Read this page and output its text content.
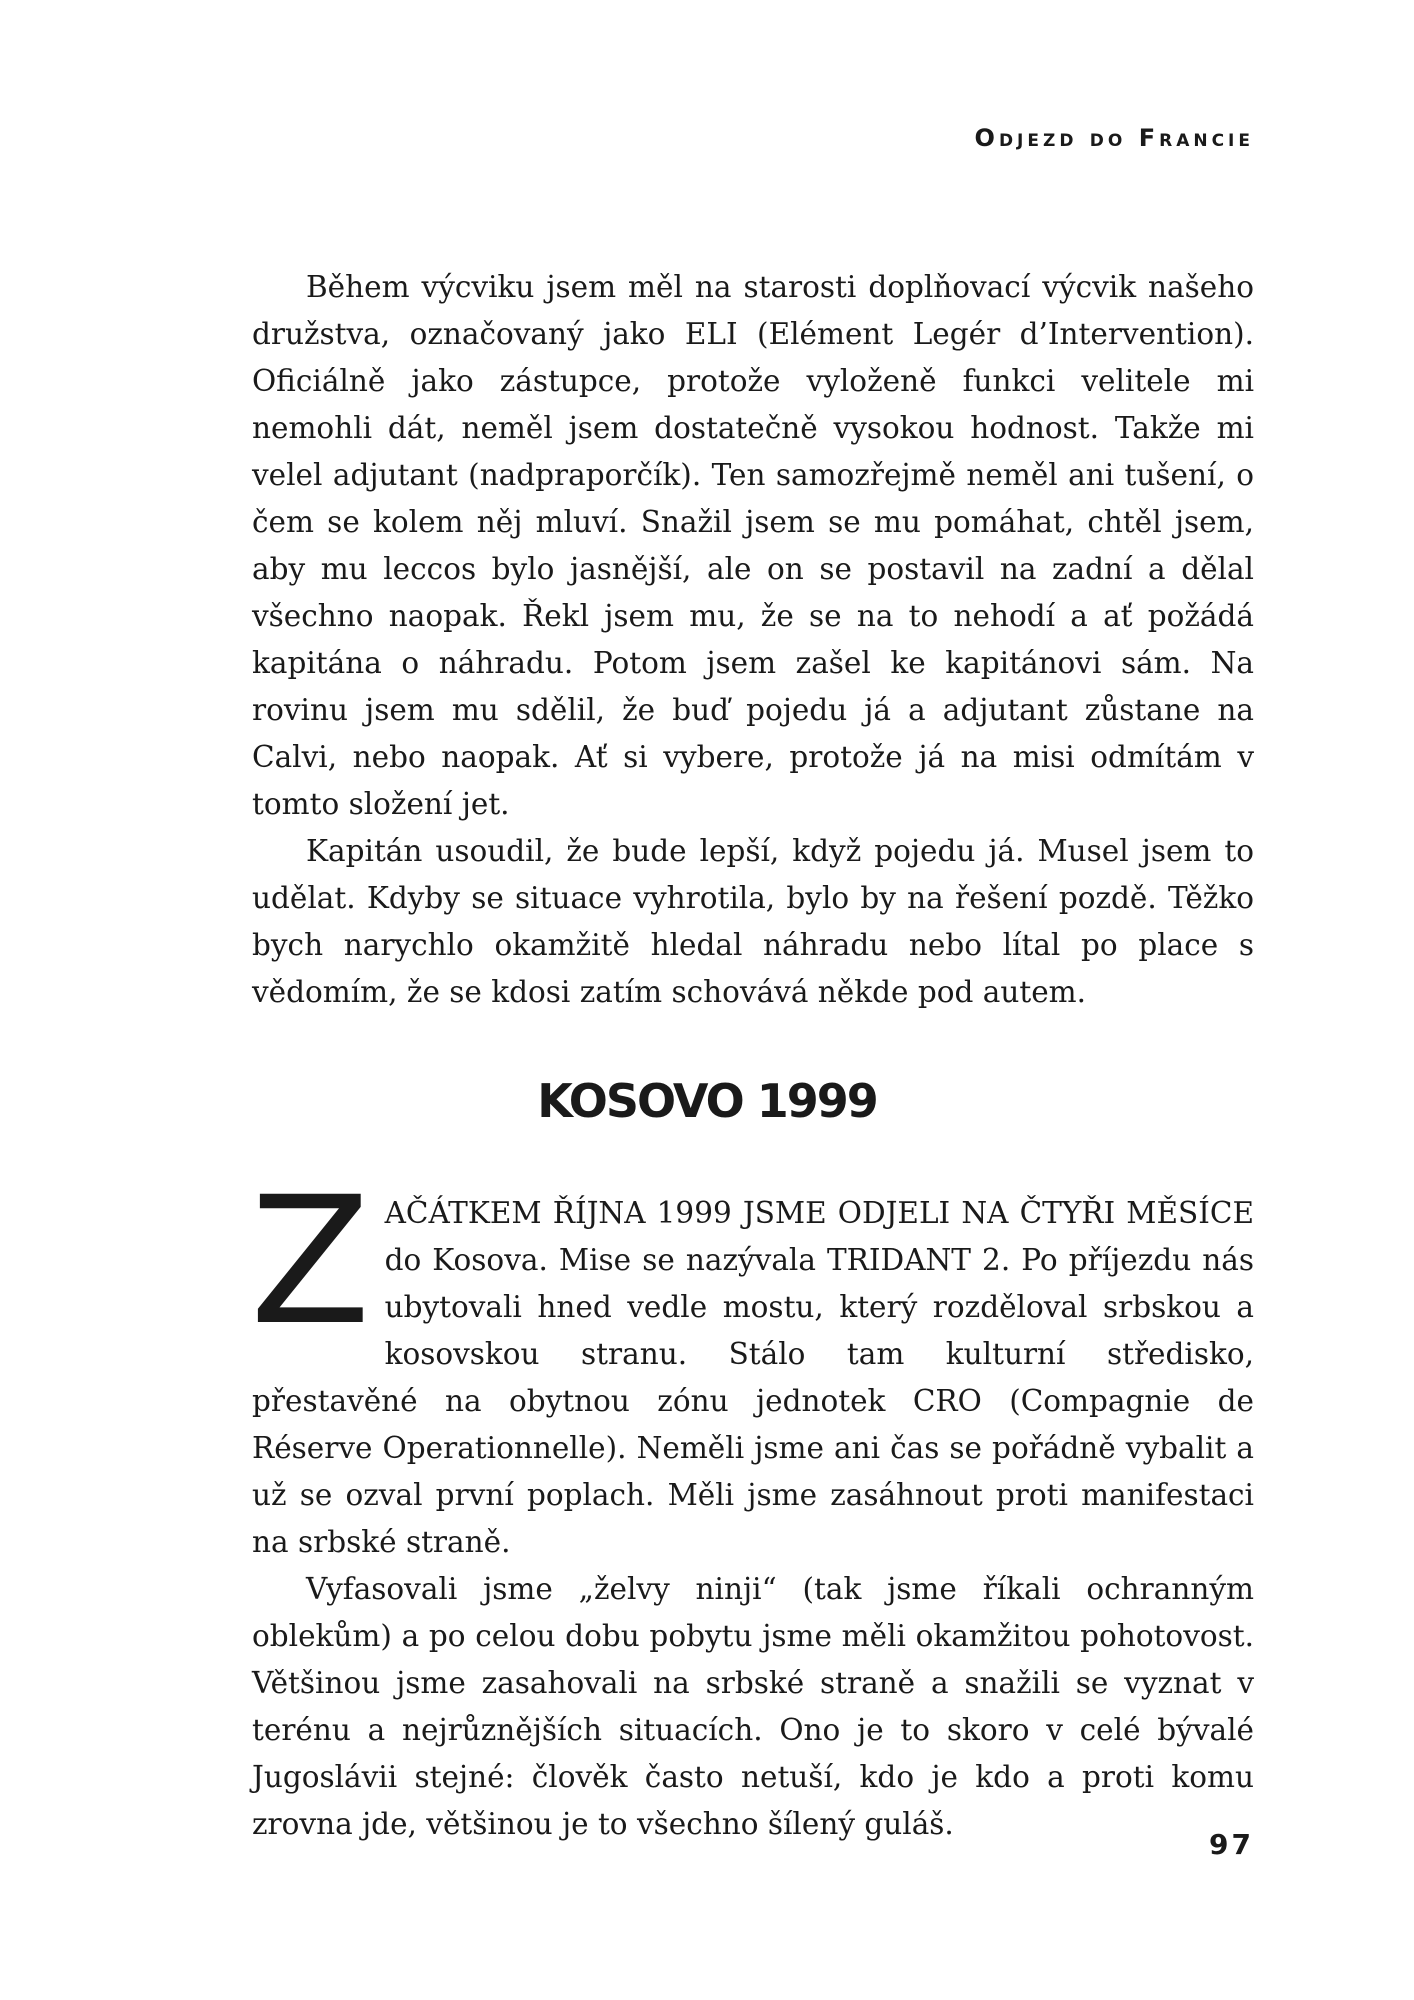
Odjezd do Francie

Během výcviku jsem měl na starosti doplňovací výcvik našeho družstva, označovaný jako ELI (Elément Legér d’Intervention). Oficiálně jako zástupce, protože vyloženě funkci velitele mi nemohli dát, neměl jsem dostatečně vysokou hodnost. Takže mi velel adjutant (nadpraporčík). Ten samozřejmě neměl ani tušení, o čem se kolem něj mluví. Snažil jsem se mu pomáhat, chtěl jsem, aby mu leccos bylo jasnější, ale on se postavil na zadní a dělal všechno naopak. Řekl jsem mu, že se na to nehodí a ať požádá kapitána o náhradu. Potom jsem zašel ke kapitánovi sám. Na rovinu jsem mu sdělil, že buď pojedu já a adjutant zůstane na Calvi, nebo naopak. Ať si vybere, protože já na misi odmítám v tomto složení jet.

Kapitán usoudil, že bude lepší, když pojedu já. Musel jsem to udělat. Kdyby se situace vyhrotila, bylo by na řešení pozdě. Těžko bych narychlo okamžitě hledal náhradu nebo lítal po place s vědomím, že se kdosi zatím schovává někde pod autem.

KOSOVO 1999

ZAČÁTKEM ŘÍJNA 1999 JSME ODJELI NA ČTYŘI MĚSÍCE do Kosova. Mise se nazývala TRIDANT 2. Po příjezdu nás ubytovali hned vedle mostu, který rozděloval srbskou a kosovskou stranu. Stálo tam kulturní středisko, přestavěné na obytnou zónu jednotek CRO (Compagnie de Réserve Operationnelle). Neměli jsme ani čas se pořádně vybalit a už se ozval první poplach. Měli jsme zasáhnout proti manifestaci na srbské straně.

Vyfasovali jsme „želvy ninji“ (tak jsme říkali ochranným oblekům) a po celou dobu pobytu jsme měli okamžitou pohotovost. Většinou jsme zasahovali na srbské straně a snažili se vyznat v terénu a nejrůznějších situacích. Ono je to skoro v celé bývalé Jugoslávii stejné: člověk často netuší, kdo je kdo a proti komu zrovna jde, většinou je to všechno šílený guláš.

97
